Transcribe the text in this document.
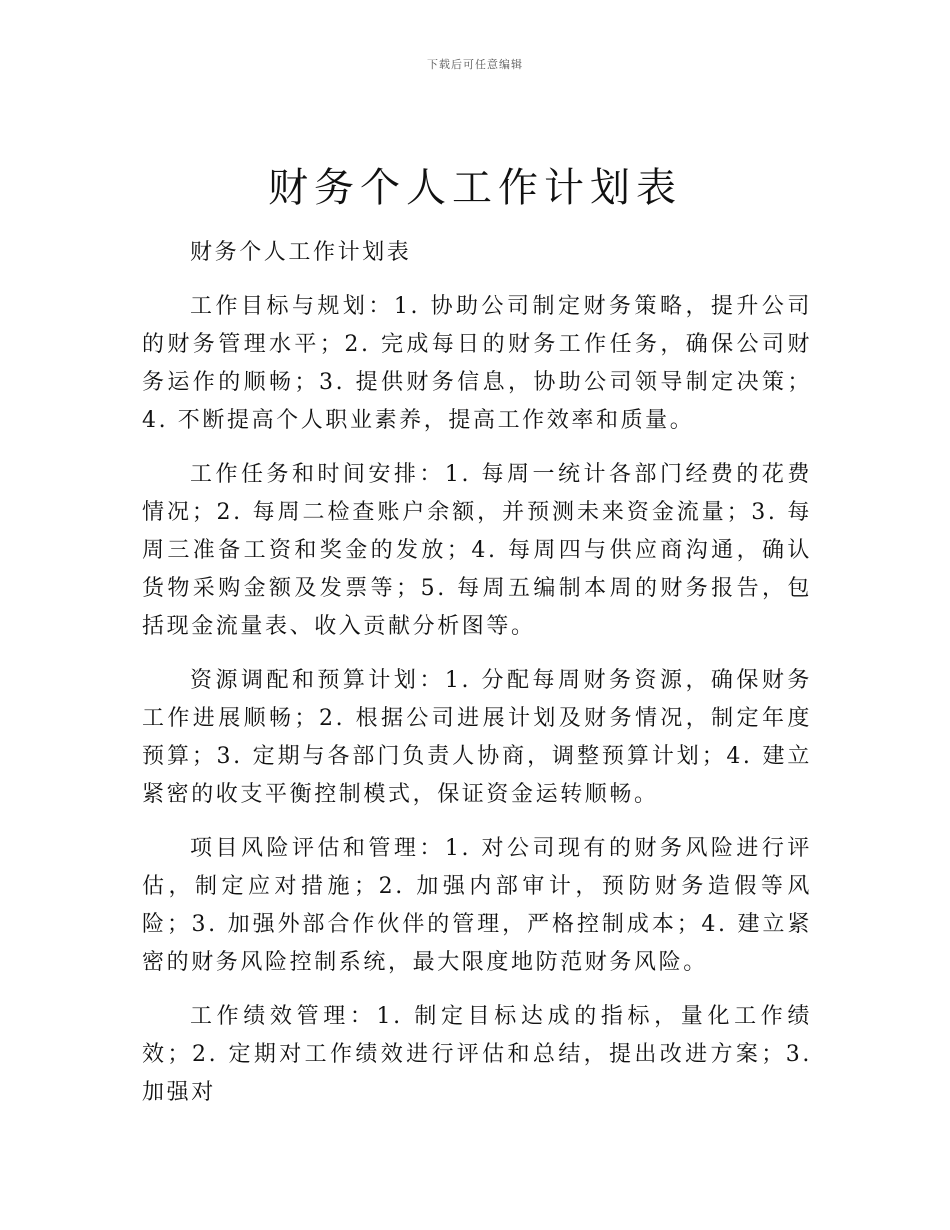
下载后可任意编辑
财务个人工作计划表

财务个人工作计划表

工作目标与规划：1. 协助公司制定财务策略，提升公司的财务管理水平；2. 完成每日的财务工作任务，确保公司财务运作的顺畅；3. 提供财务信息，协助公司领导制定决策；4. 不断提高个人职业素养，提高工作效率和质量。

工作任务和时间安排：1. 每周一统计各部门经费的花费情况；2. 每周二检查账户余额，并预测未来资金流量；3. 每周三准备工资和奖金的发放；4. 每周四与供应商沟通，确认货物采购金额及发票等；5. 每周五编制本周的财务报告，包括现金流量表、收入贡献分析图等。

资源调配和预算计划：1. 分配每周财务资源，确保财务工作进展顺畅；2. 根据公司进展计划及财务情况，制定年度预算；3. 定期与各部门负责人协商，调整预算计划；4. 建立紧密的收支平衡控制模式，保证资金运转顺畅。

项目风险评估和管理：1. 对公司现有的财务风险进行评估，制定应对措施；2. 加强内部审计，预防财务造假等风险；3. 加强外部合作伙伴的管理，严格控制成本；4. 建立紧密的财务风险控制系统，最大限度地防范财务风险。

工作绩效管理：1. 制定目标达成的指标，量化工作绩效；2. 定期对工作绩效进行评估和总结，提出改进方案；3. 加强对
